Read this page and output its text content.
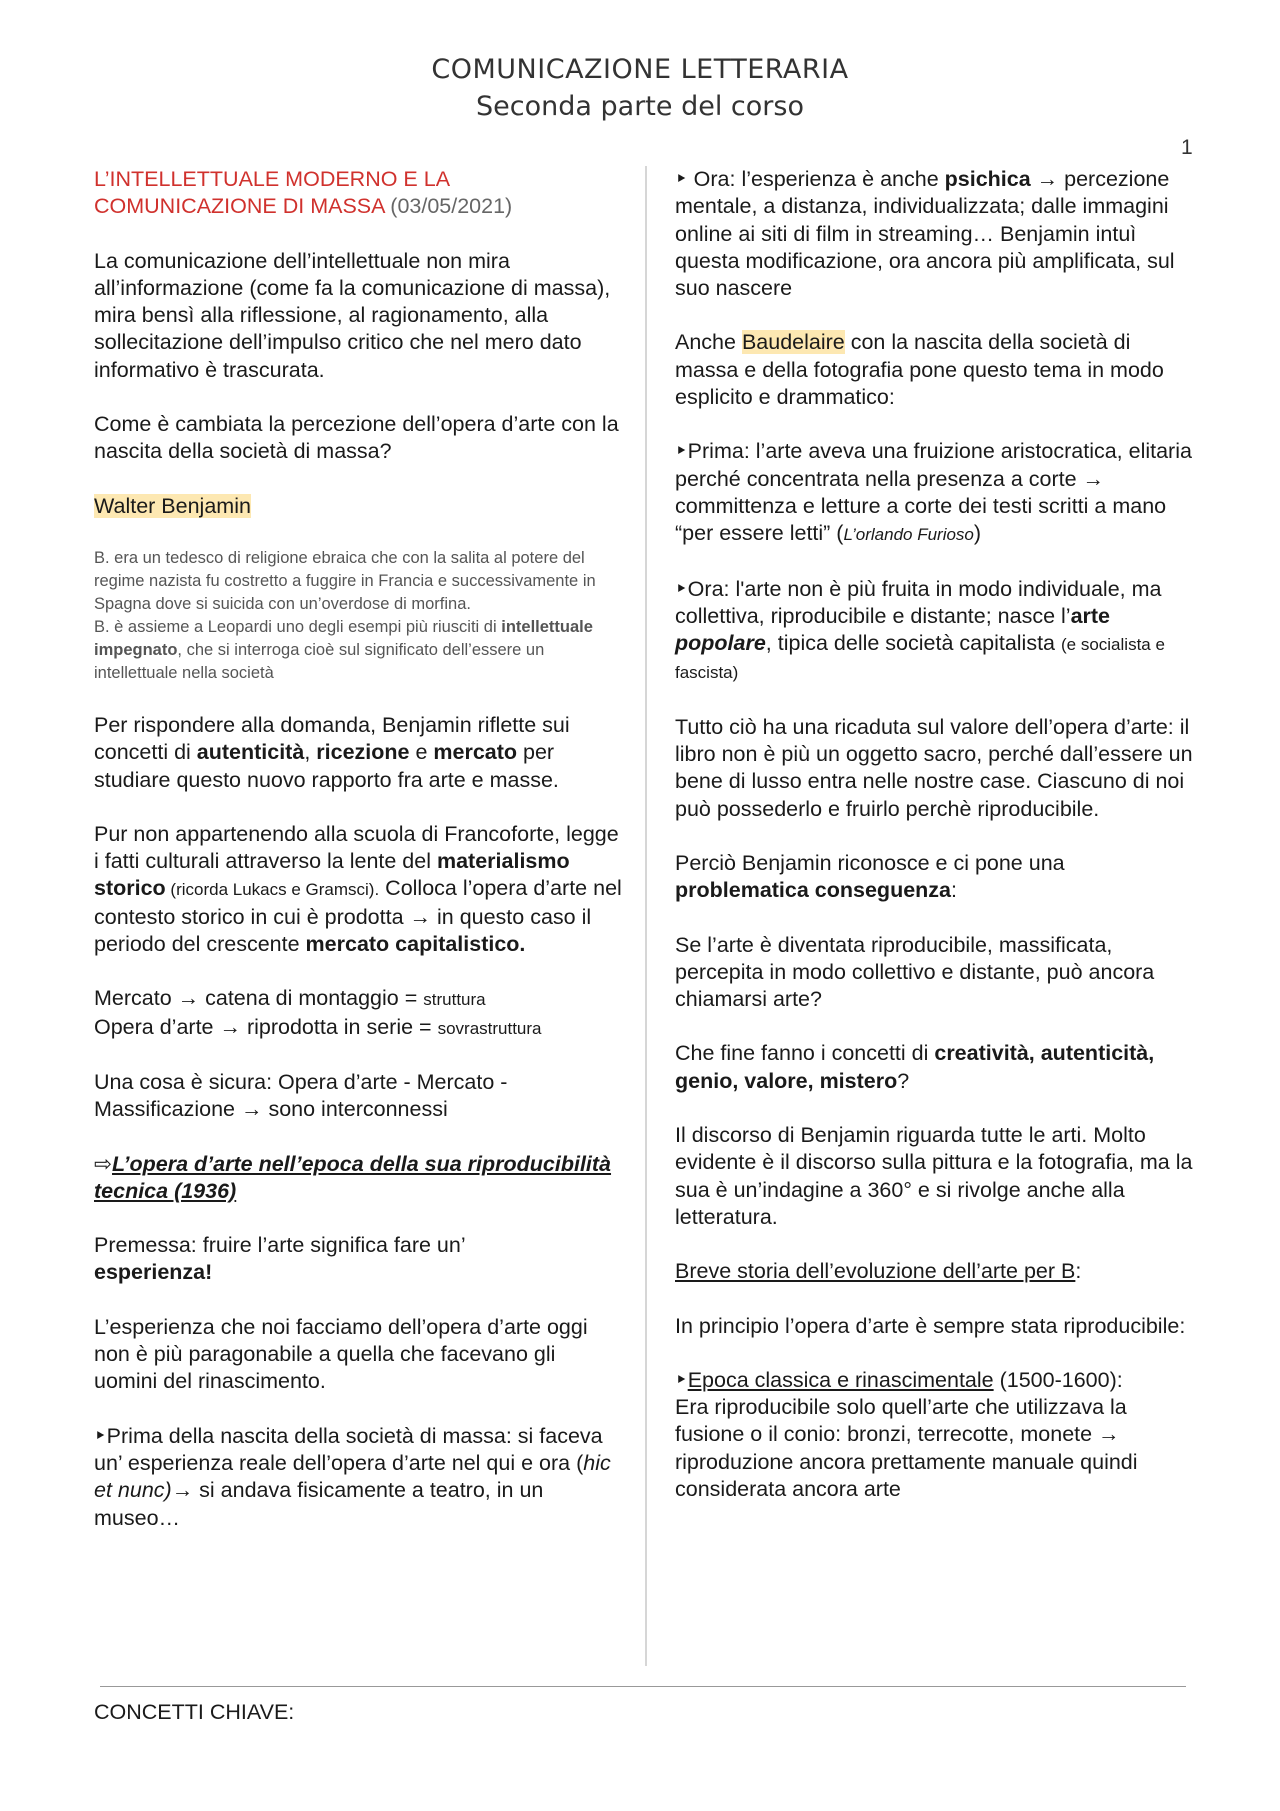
COMUNICAZIONE LETTERARIA
Seconda parte del corso
1

L’INTELLETTUALE MODERNO E LA
COMUNICAZIONE DI MASSA (03/05/2021)

La comunicazione dell’intellettuale non mira all’informazione (come fa la comunicazione di massa), mira bensì alla riflessione, al ragionamento, alla sollecitazione dell’impulso critico che nel mero dato informativo è trascurata.

Come è cambiata la percezione dell’opera d’arte con la nascita della società di massa?

Walter Benjamin

B. era un tedesco di religione ebraica che con la salita al potere del regime nazista fu costretto a fuggire in Francia e successivamente in Spagna dove si suicida con un’overdose di morfina.
B. è assieme a Leopardi uno degli esempi più riusciti di intellettuale impegnato, che si interroga cioè sul significato dell’essere un intellettuale nella società

Per rispondere alla domanda, Benjamin riflette sui concetti di autenticità, ricezione e mercato per studiare questo nuovo rapporto fra arte e masse.

Pur non appartenendo alla scuola di Francoforte, legge i fatti culturali attraverso la lente del materialismo storico (ricorda Lukacs e Gramsci). Colloca l’opera d’arte nel contesto storico in cui è prodotta → in questo caso il periodo del crescente mercato capitalistico.

Mercato → catena di montaggio = struttura
Opera d’arte → riprodotta in serie = sovrastruttura

Una cosa è sicura: Opera d’arte - Mercato -Massificazione → sono interconnessi

⇨L’opera d’arte nell’epoca della sua riproducibilità tecnica (1936)

Premessa: fruire l’arte significa fare un’
esperienza!

L’esperienza che noi facciamo dell’opera d’arte oggi non è più paragonabile a quella che facevano gli uomini del rinascimento.

‣Prima della nascita della società di massa: si faceva un’ esperienza reale dell’opera d’arte nel qui e ora (hic et nunc)→ si andava fisicamente a teatro, in un museo…

‣ Ora: l’esperienza è anche psichica → percezione mentale, a distanza, individualizzata; dalle immagini online ai siti di film in streaming… Benjamin intuì questa modificazione, ora ancora più amplificata, sul suo nascere

Anche Baudelaire con la nascita della società di massa e della fotografia pone questo tema in modo esplicito e drammatico:

‣Prima: l’arte aveva una fruizione aristocratica, elitaria perché concentrata nella presenza a corte → committenza e letture a corte dei testi scritti a mano “per essere letti” (L’orlando Furioso)

‣Ora: l'arte non è più fruita in modo individuale, ma collettiva, riproducibile e distante; nasce l’arte popolare, tipica delle società capitalista (e socialista e fascista)

Tutto ciò ha una ricaduta sul valore dell’opera d’arte: il libro non è più un oggetto sacro, perché dall’essere un bene di lusso entra nelle nostre case. Ciascuno di noi può possederlo e fruirlo perchè riproducibile.

Perciò Benjamin riconosce e ci pone una problematica conseguenza:

Se l’arte è diventata riproducibile, massificata, percepita in modo collettivo e distante, può ancora chiamarsi arte?

Che fine fanno i concetti di creatività, autenticità, genio, valore, mistero?

Il discorso di Benjamin riguarda tutte le arti. Molto evidente è il discorso sulla pittura e la fotografia, ma la sua è un’indagine a 360° e si rivolge anche alla letteratura.

Breve storia dell’evoluzione dell’arte per B:

In principio l’opera d’arte è sempre stata riproducibile:

‣Epoca classica e rinascimentale (1500-1600):
Era riproducibile solo quell’arte che utilizzava la fusione o il conio: bronzi, terrecotte, monete → riproduzione ancora prettamente manuale quindi considerata ancora arte

CONCETTI CHIAVE:
